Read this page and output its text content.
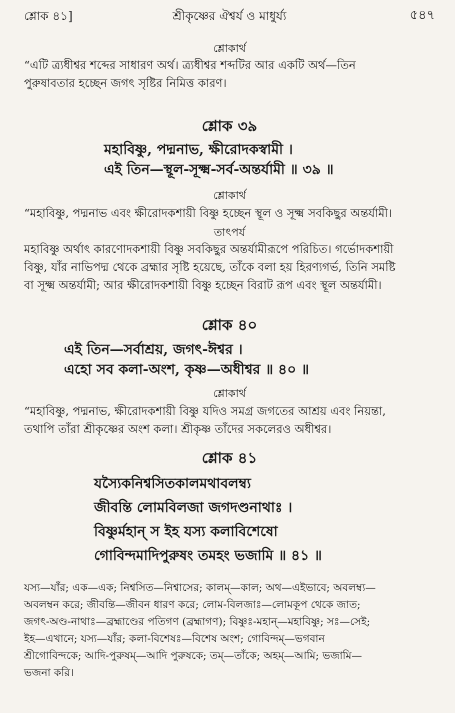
শ্লোক ৪১]	শ্রীকৃষ্ণের ঐশ্বর্য ও মাধুর্য্য	৫৪৭
শ্লোকার্থ
“এটি ত্র্যধীশ্বর শব্দের সাধারণ অর্থ। ত্র্যধীশ্বর শব্দটির আর একটি অর্থ—তিন
পুরুষাবতার হচ্ছেন জগৎ সৃষ্টির নিমিত্ত কারণ।
শ্লোক ৩৯
মহাবিষ্ণু, পদ্মনাভ, ক্ষীরোদকস্বামী ।
এই তিন—স্থূল-সূক্ষ্ম-সর্ব-অন্তর্যামী ॥ ৩৯ ॥
শ্লোকার্থ
“মহাবিষ্ণু, পদ্মনাভ এবং ক্ষীরোদকশায়ী বিষ্ণু হচ্ছেন স্থূল ও সূক্ষ্ম সবকিছুর অন্তর্যামী।
তাৎপর্য
মহাবিষ্ণু অর্থাৎ কারণোদকশায়ী বিষ্ণু সবকিছুর অন্তর্যামীরূপে পরিচিত। গর্ভোদকশায়ী
বিষ্ণু, যাঁর নাভিপদ্ম থেকে ব্রহ্মার সৃষ্টি হয়েছে, তাঁকে বলা হয় হিরণ্যগর্ভ, তিনি সমষ্টি
বা সূক্ষ্ম অন্তর্যামী; আর ক্ষীরোদকশায়ী বিষ্ণু হচ্ছেন বিরাট রূপ এবং স্থূল অন্তর্যামী।
শ্লোক ৪০
এই তিন—সর্বাশ্রয়, জগৎ-ঈশ্বর ।
এহো সব কলা-অংশ, কৃষ্ণ—অধীশ্বর ॥ ৪০ ॥
শ্লোকার্থ
“মহাবিষ্ণু, পদ্মনাভ, ক্ষীরোদকশায়ী বিষ্ণু যদিও সমগ্র জগতের আশ্রয় এবং নিয়ন্তা,
তথাপি তাঁরা শ্রীকৃষ্ণের অংশ কলা। শ্রীকৃষ্ণ তাঁদের সকলেরও অধীশ্বর।
শ্লোক ৪১
যস্যৈকনিশ্বসিতকালমথাবলম্ব্য
জীবন্তি লোমবিলজা জগদণ্ডনাথাঃ ।
বিষ্ণুর্মহান্ স ইহ যস্য কলাবিশেষো
গোবিন্দমাদিপুরুষং তমহং ভজামি ॥ ৪১ ॥
যস্য—যাঁর; এক—এক; নিশ্বসিত—নিশ্বাসের; কালম্—কাল; অথ—এইভাবে; অবলম্ব্য—
অবলম্বন করে; জীবন্তি—জীবন ধারণ করে; লোম-বিলজাঃ—লোমকূপ থেকে জাত;
জগৎ-অণ্ড-নাথাঃ—ব্রহ্মাণ্ডের পতিগণ (ব্রহ্মাগণ); বিষ্ণুঃ-মহান্—মহাবিষ্ণু; সঃ—সেই;
ইহ—এখানে; যস্য—যাঁর; কলা-বিশেষঃ—বিশেষ অংশ; গোবিন্দম্—ভগবান
শ্রীগোবিন্দকে; আদি-পুরুষম্—আদি পুরুষকে; তম্—তাঁকে; অহম্—আমি; ভজামি—
ভজনা করি।
